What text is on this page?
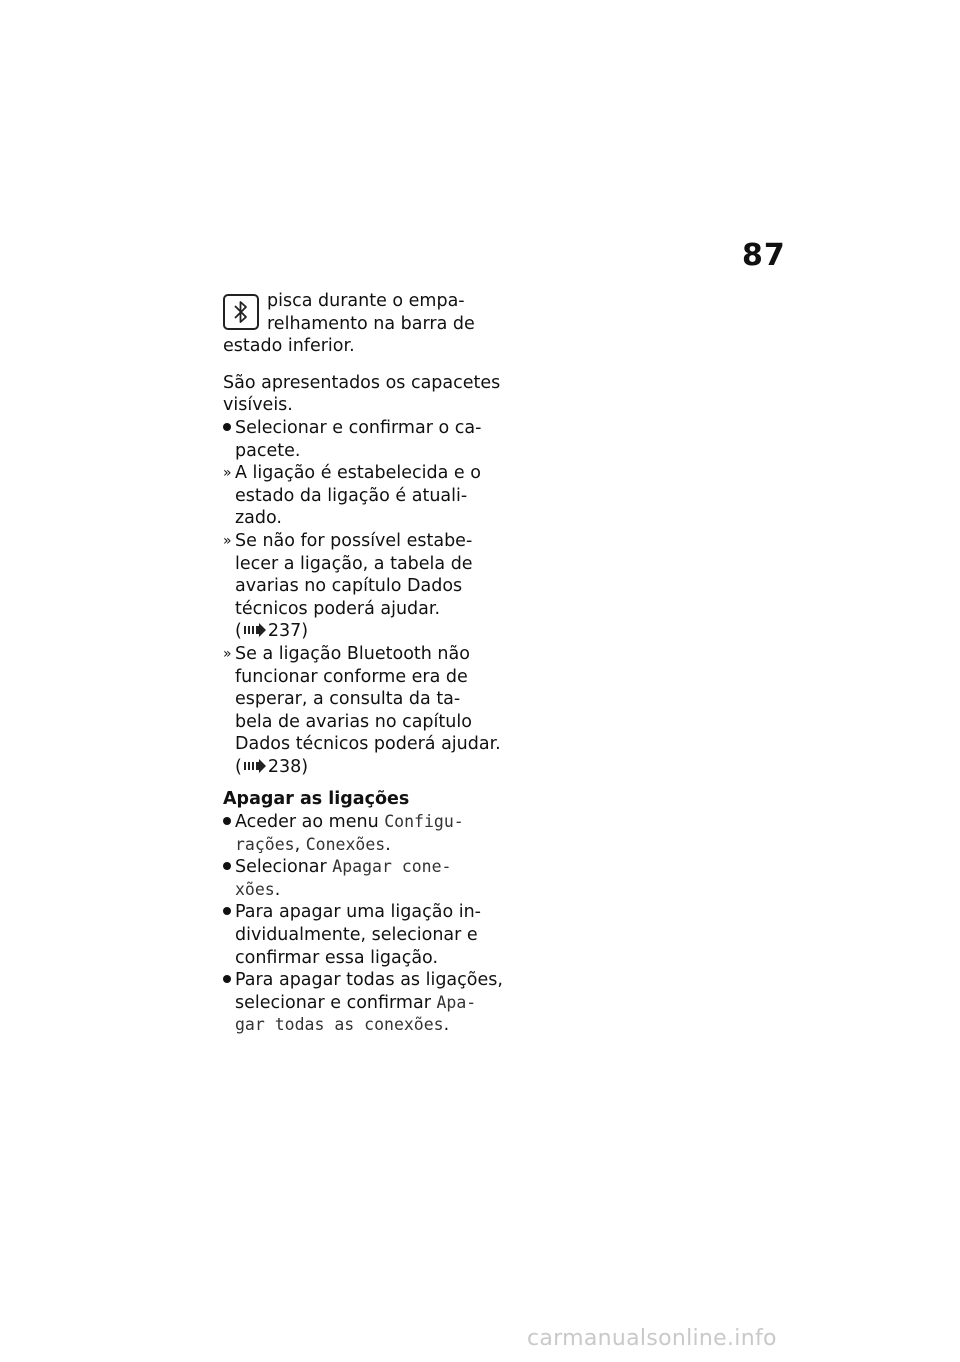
87
pisca durante o empa-
relhamento na barra de
estado inferior.
São apresentados os capacetes
visíveis.
Selecionar e confirmar o ca-
pacete.
» A ligação é estabelecida e o
estado da ligação é atuali-
zado.
» Se não for possível estabe-
lecer a ligação, a tabela de
avarias no capítulo Dados
técnicos poderá ajudar.
( 237)
» Se a ligação Bluetooth não
funcionar conforme era de
esperar, a consulta da ta-
bela de avarias no capítulo
Dados técnicos poderá ajudar.
( 238)
Apagar as ligações
Aceder ao menu Configu-
rações, Conexões.
Selecionar Apagar cone-
xões.
Para apagar uma ligação in-
dividualmente, selecionar e
confirmar essa ligação.
Para apagar todas as ligações,
selecionar e confirmar Apa-
gar todas as conexões.
carmanualsonline.info
